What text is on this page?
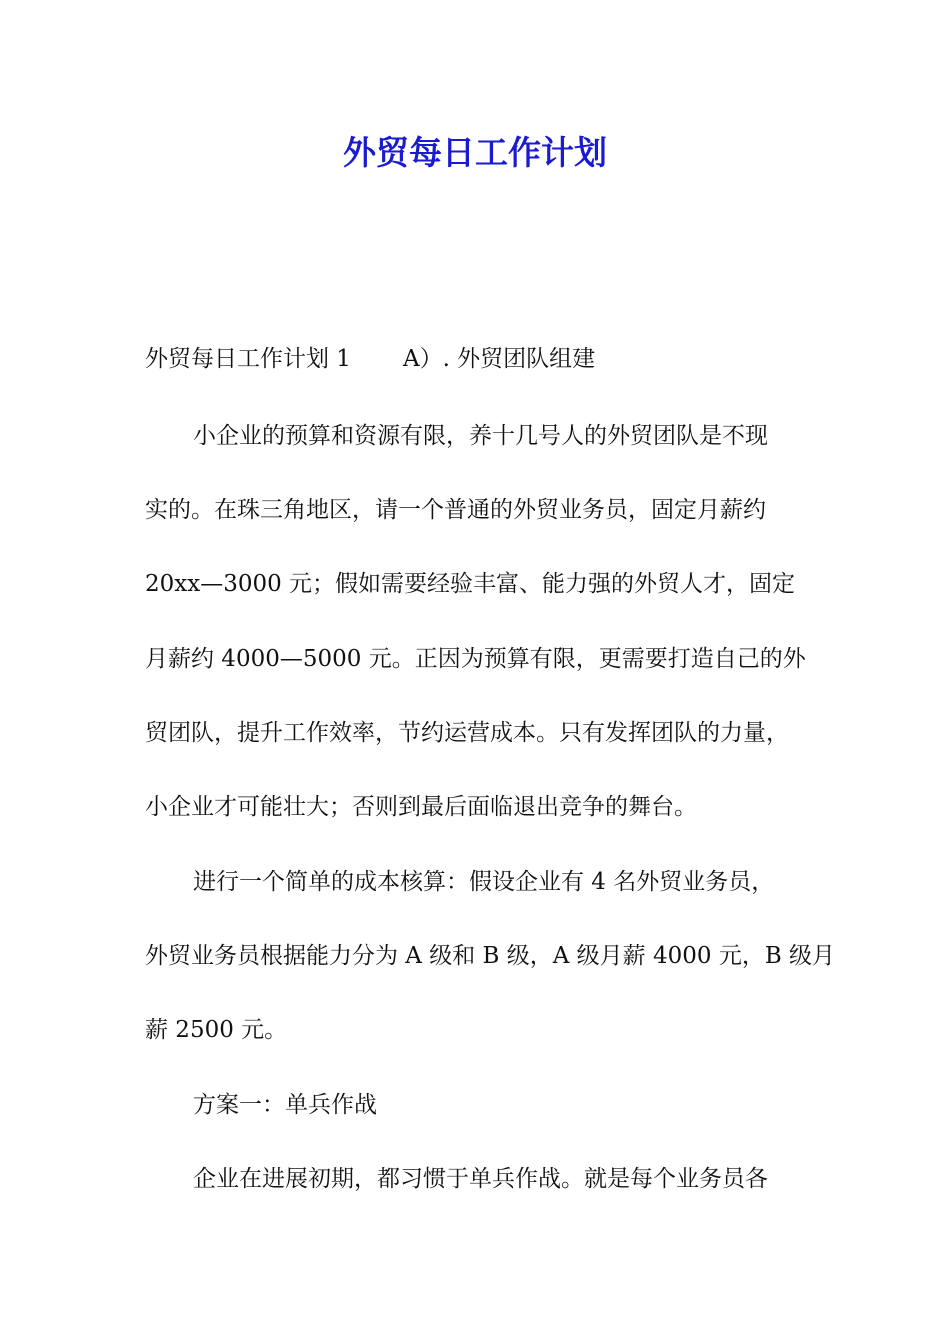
外贸每日工作计划
外贸每日工作计划 1 A）. 外贸团队组建
小企业的预算和资源有限，养十几号人的外贸团队是不现
实的。在珠三角地区，请一个普通的外贸业务员，固定月薪约
20xx—3000 元；假如需要经验丰富、能力强的外贸人才，固定
月薪约 4000—5000 元。正因为预算有限，更需要打造自己的外
贸团队，提升工作效率，节约运营成本。只有发挥团队的力量，
小企业才可能壮大；否则到最后面临退出竞争的舞台。
进行一个简单的成本核算：假设企业有 4 名外贸业务员，
外贸业务员根据能力分为 A 级和 B 级，A 级月薪 4000 元，B 级月
薪 2500 元。
方案一：单兵作战
企业在进展初期，都习惯于单兵作战。就是每个业务员各
